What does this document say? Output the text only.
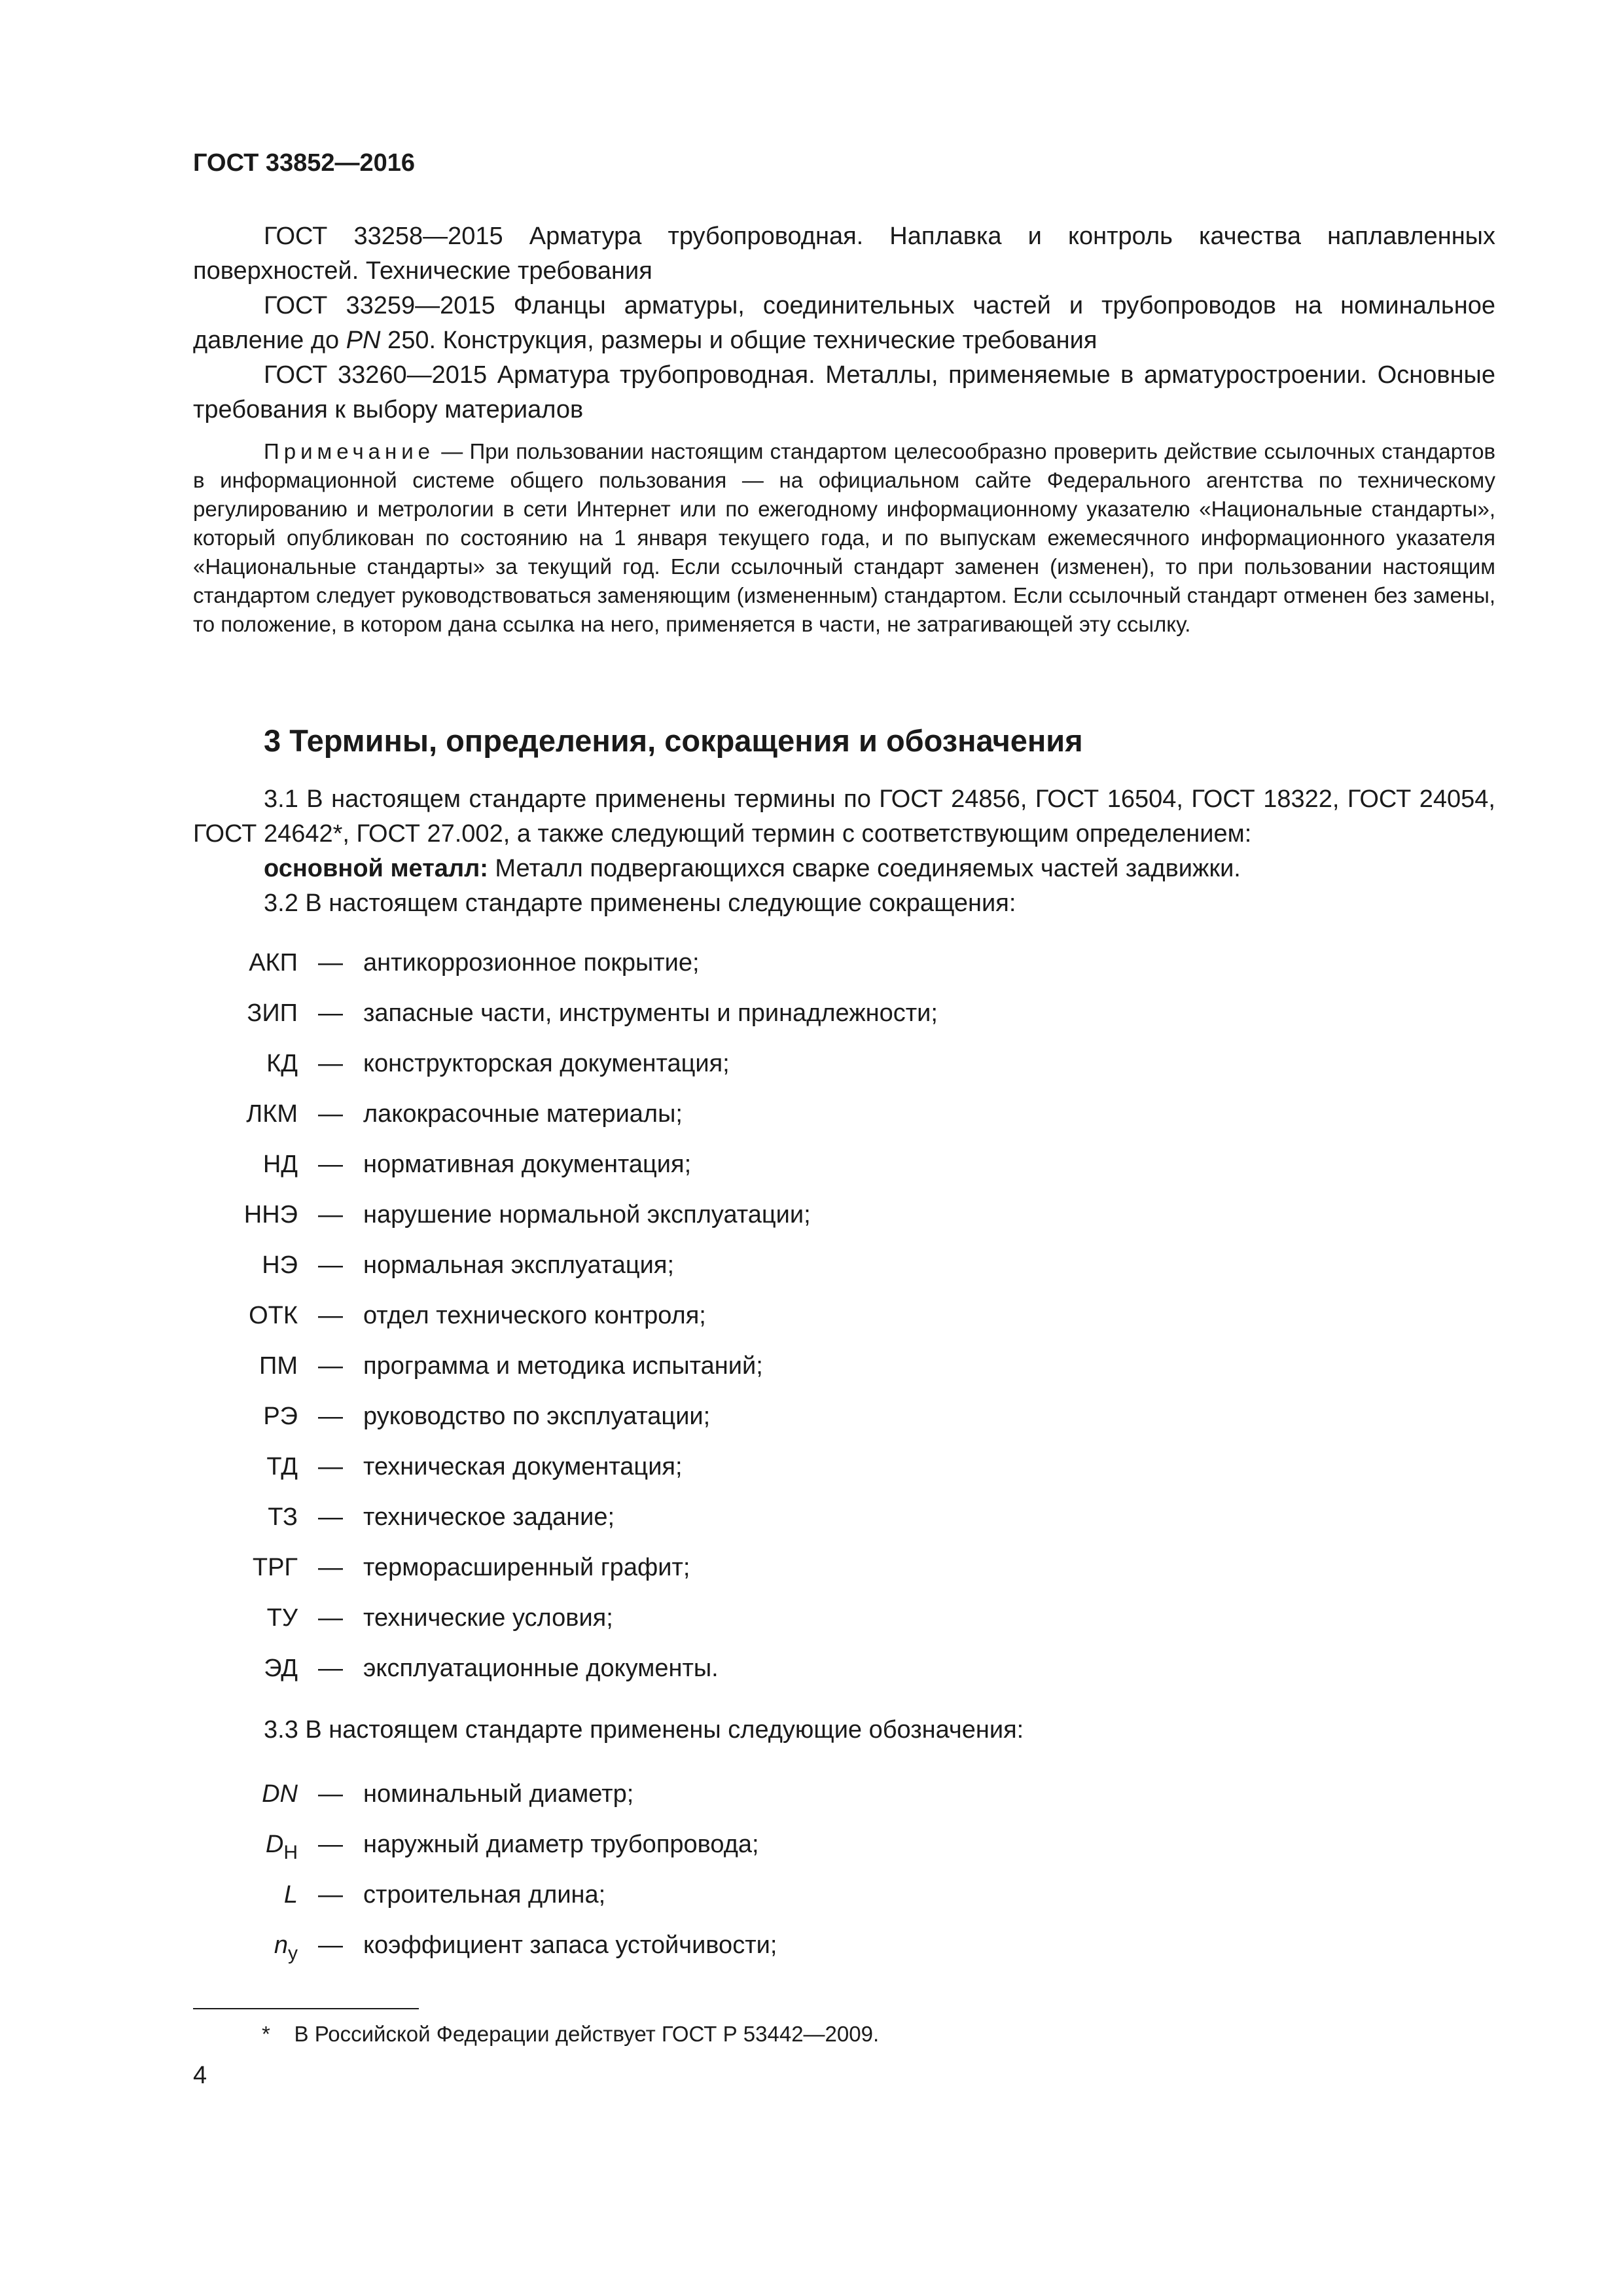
ГОСТ 33852—2016

ГОСТ 33258—2015 Арматура трубопроводная. Наплавка и контроль качества наплавленных поверхностей. Технические требования

ГОСТ 33259—2015 Фланцы арматуры, соединительных частей и трубопроводов на номинальное давление до PN 250. Конструкция, размеры и общие технические требования

ГОСТ 33260—2015 Арматура трубопроводная. Металлы, применяемые в арматуростроении. Основные требования к выбору материалов

Примечание — При пользовании настоящим стандартом целесообразно проверить действие ссылочных стандартов в информационной системе общего пользования — на официальном сайте Федерального агентства по техническому регулированию и метрологии в сети Интернет или по ежегодному информационному указателю «Национальные стандарты», который опубликован по состоянию на 1 января текущего года, и по выпускам ежемесячного информационного указателя «Национальные стандарты» за текущий год. Если ссылочный стандарт заменен (изменен), то при пользовании настоящим стандартом следует руководствоваться заменяющим (измененным) стандартом. Если ссылочный стандарт отменен без замены, то положение, в котором дана ссылка на него, применяется в части, не затрагивающей эту ссылку.

3 Термины, определения, сокращения и обозначения

3.1 В настоящем стандарте применены термины по ГОСТ 24856, ГОСТ 16504, ГОСТ 18322, ГОСТ 24054, ГОСТ 24642*, ГОСТ 27.002, а также следующий термин с соответствующим определением:

основной металл: Металл подвергающихся сварке соединяемых частей задвижки.

3.2 В настоящем стандарте применены следующие сокращения:

АКП — антикоррозионное покрытие;
ЗИП — запасные части, инструменты и принадлежности;
КД — конструкторская документация;
ЛКМ — лакокрасочные материалы;
НД — нормативная документация;
ННЭ — нарушение нормальной эксплуатации;
НЭ — нормальная эксплуатация;
ОТК — отдел технического контроля;
ПМ — программа и методика испытаний;
РЭ — руководство по эксплуатации;
ТД — техническая документация;
ТЗ — техническое задание;
ТРГ — терморасширенный графит;
ТУ — технические условия;
ЭД — эксплуатационные документы.

3.3 В настоящем стандарте применены следующие обозначения:

DN — номинальный диаметр;
$D_Н$ — наружный диаметр трубопровода;
L — строительная длина;
$n_у$ — коэффициент запаса устойчивости;

* В Российской Федерации действует ГОСТ Р 53442—2009.

4
